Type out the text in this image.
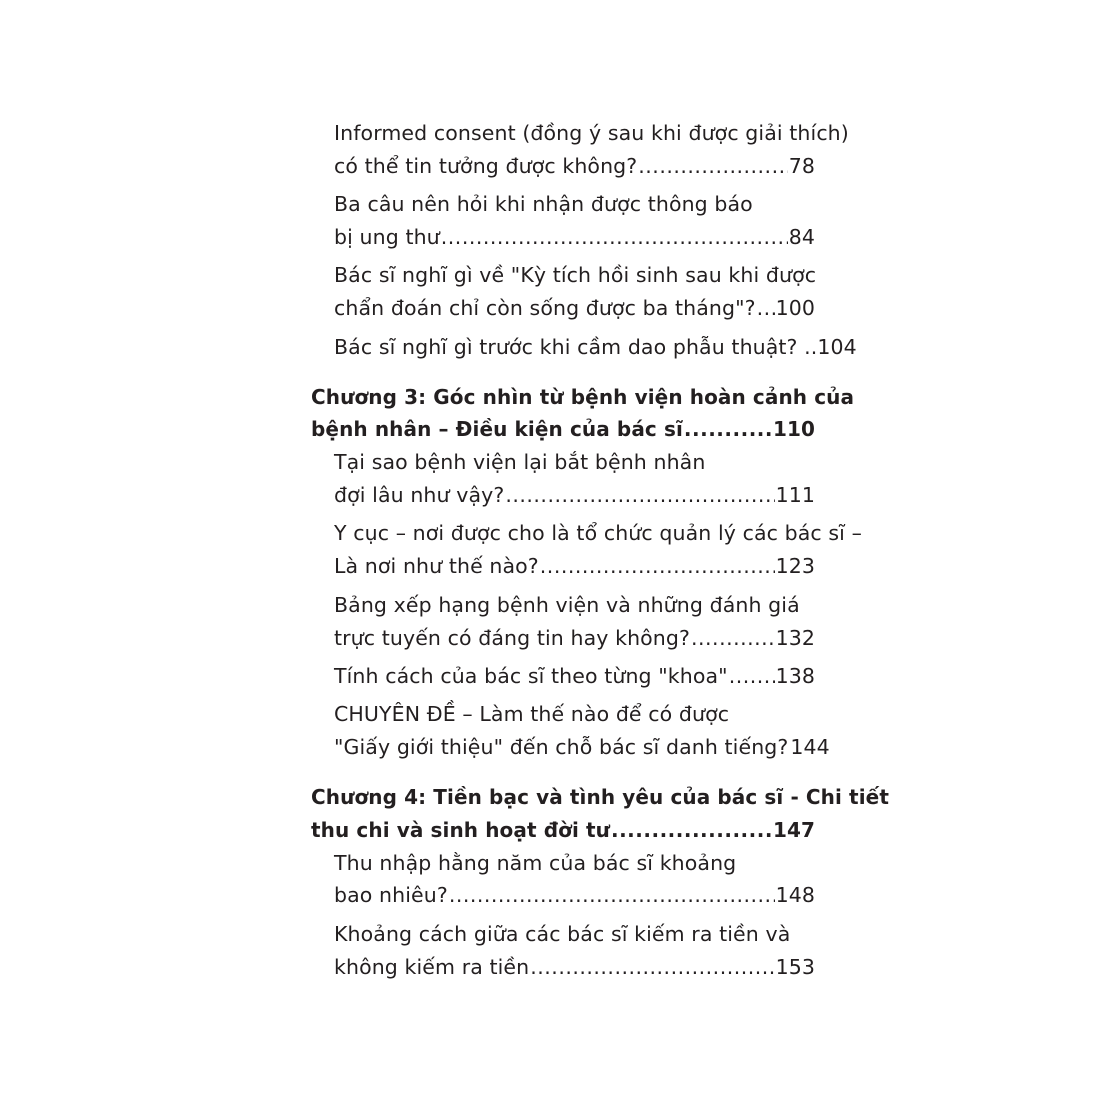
Informed consent (đồng ý sau khi được giải thích)
có thể tin tưởng được không? .....	78
Ba câu nên hỏi khi nhận được thông báo
bị ung thư .....	84
Bác sĩ nghĩ gì về "Kỳ tích hồi sinh sau khi được
chẩn đoán chỉ còn sống được ba tháng"? ..... 100
Bác sĩ nghĩ gì trước khi cầm dao phẫu thuật? .. 104
Chương 3: Góc nhìn từ bệnh viện hoàn cảnh của
bệnh nhân – Điều kiện của bác sĩ .....	110
Tại sao bệnh viện lại bắt bệnh nhân
đợi lâu như vậy? .....	111
Y cục – nơi được cho là tổ chức quản lý các bác sĩ –
Là nơi như thế nào? .....	123
Bảng xếp hạng bệnh viện và những đánh giá
trực tuyến có đáng tin hay không? .....	132
Tính cách của bác sĩ theo từng "khoa" ..... 138
CHUYÊN ĐỀ – Làm thế nào để có được
"Giấy giới thiệu" đến chỗ bác sĩ danh tiếng? 144
Chương 4: Tiền bạc và tình yêu của bác sĩ - Chi tiết
thu chi và sinh hoạt đời tư .....	147
Thu nhập hằng năm của bác sĩ khoảng
bao nhiêu? .....	148
Khoảng cách giữa các bác sĩ kiếm ra tiền và
không kiếm ra tiền .....	153
